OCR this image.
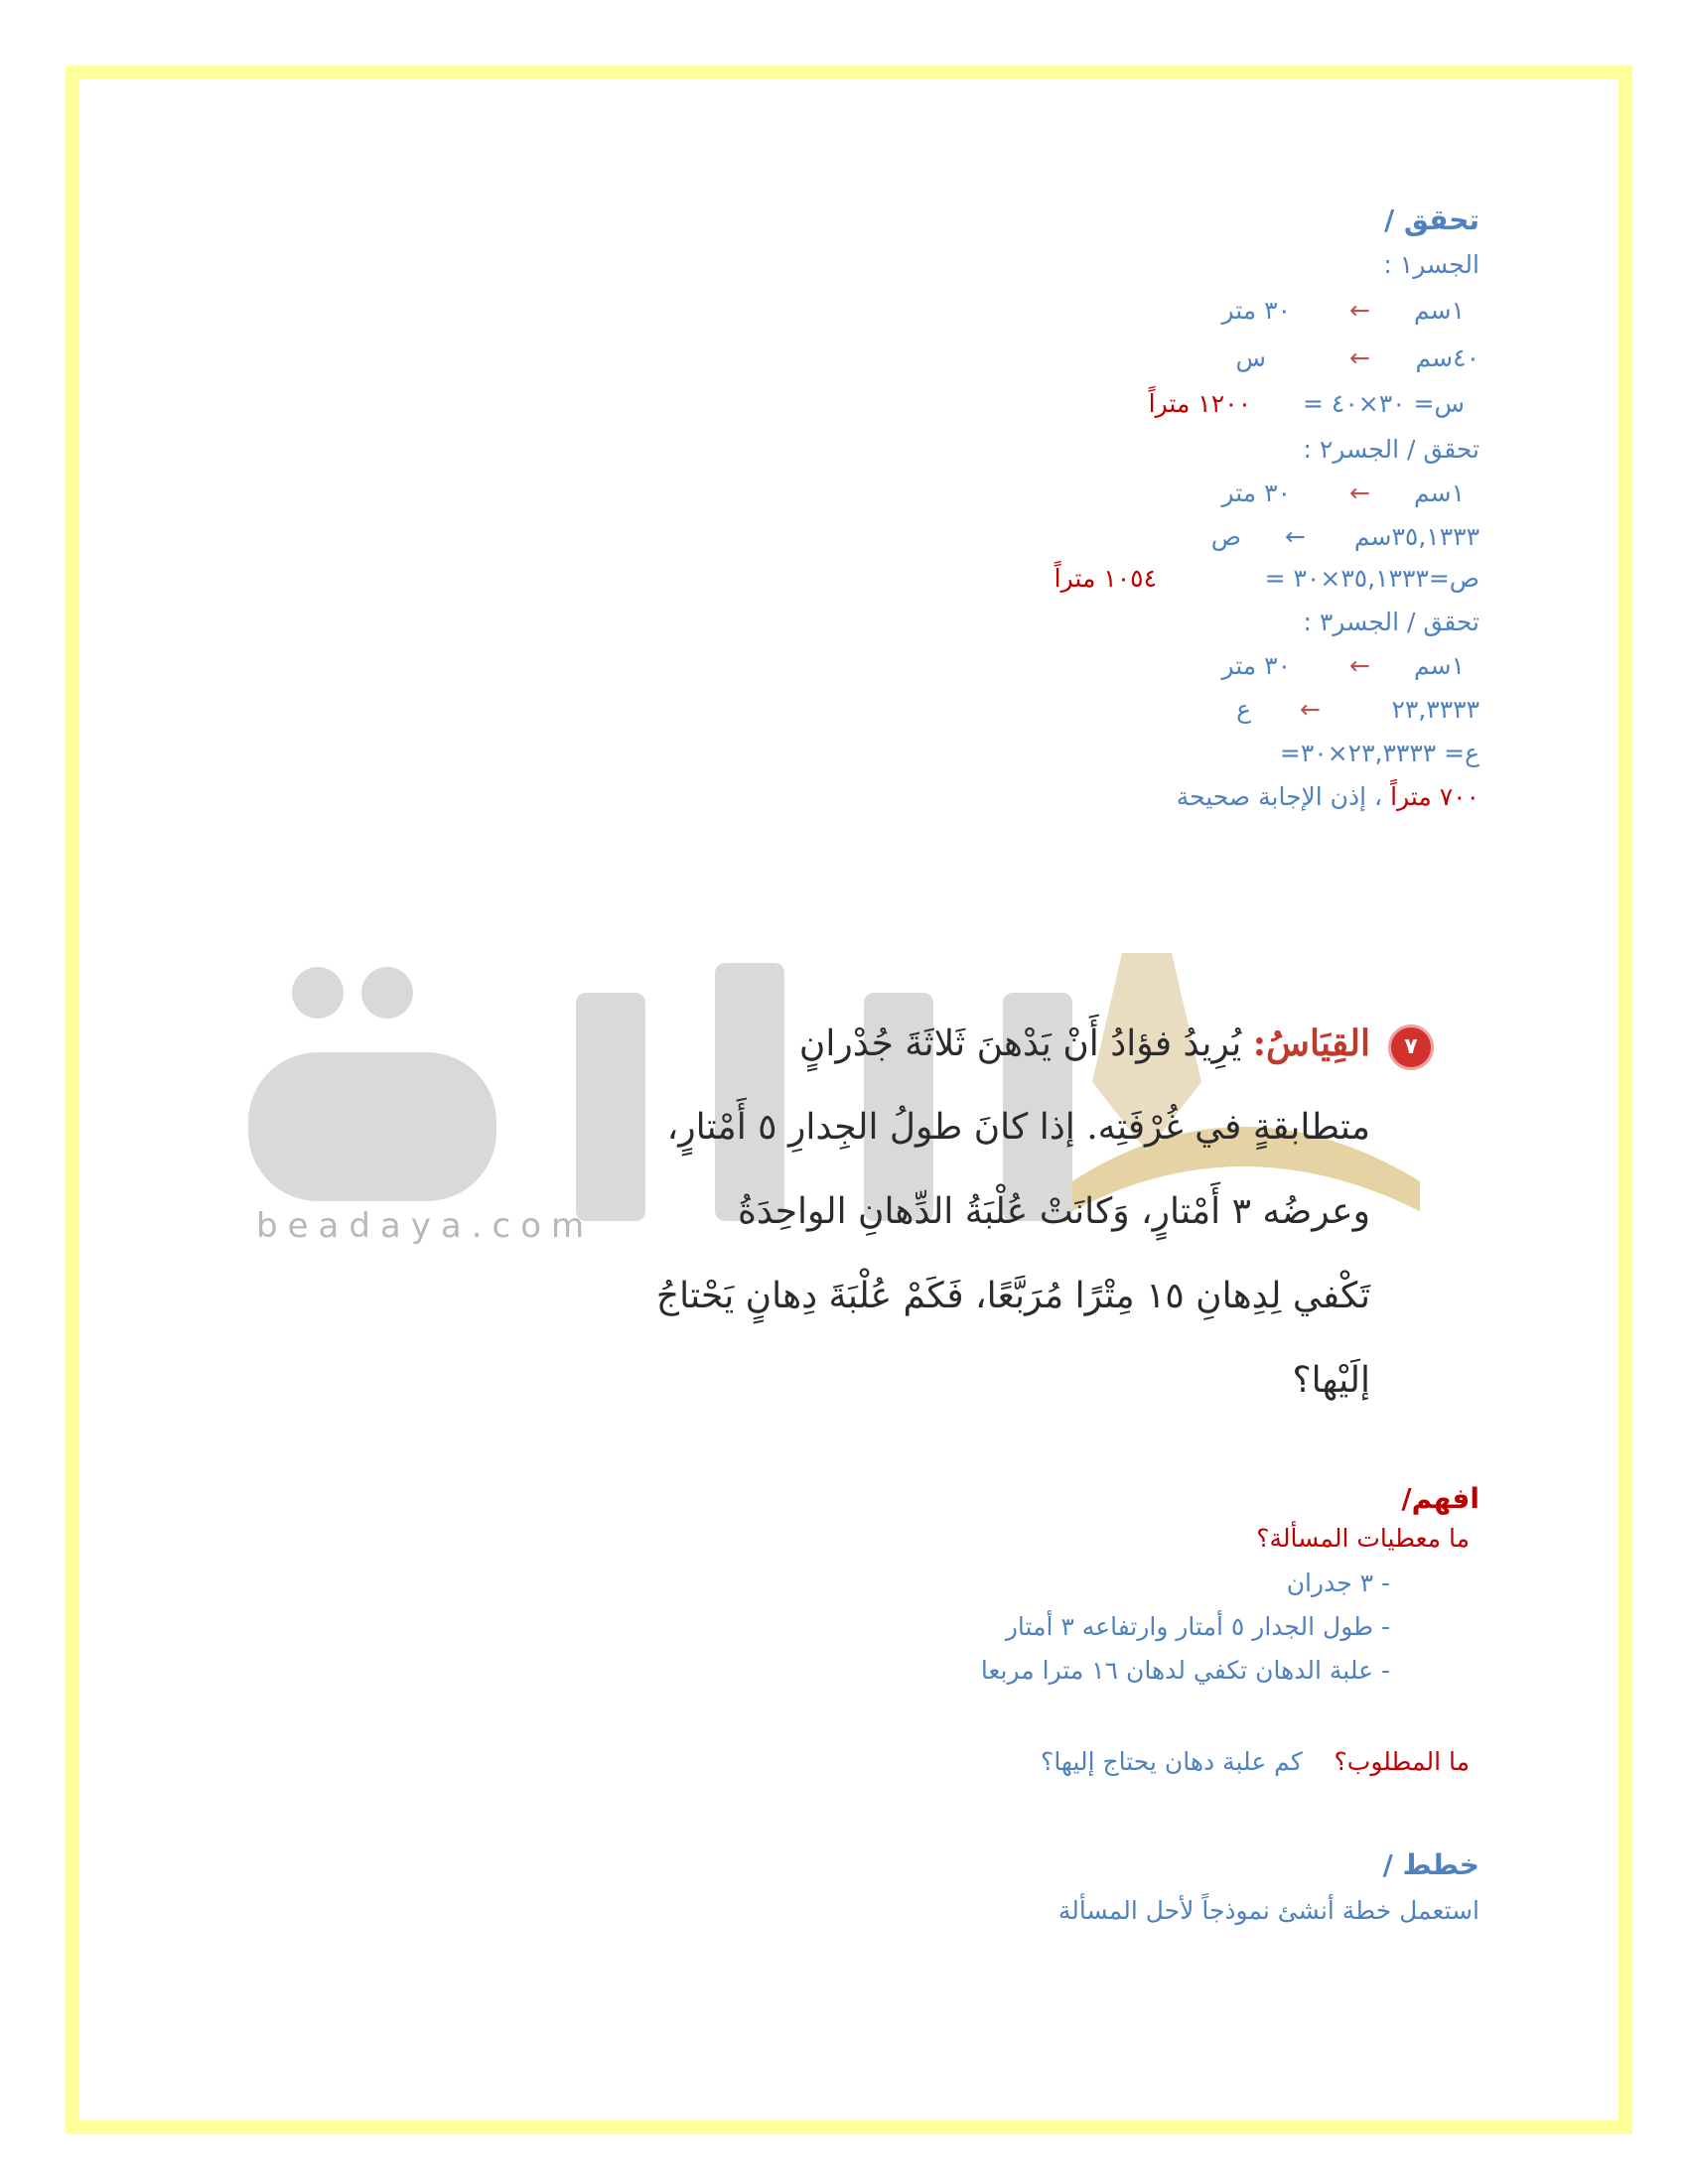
beadaya.com
تحقق /
الجسر١ :
١سم
←
٣٠ متر
٤٠سم
←
س
س= ٣٠×٤٠ =
١٢٠٠ متراً
تحقق / الجسر٢ :
١سم
←
٣٠ متر
٣٥,١٣٣٣سم
←
ص
ص=٣٥,١٣٣٣×٣٠ =
١٠٥٤ متراً
تحقق / الجسر٣ :
١سم
←
٣٠ متر
٢٣,٣٣٣٣
←
ع
ع= ٢٣,٣٣٣٣×٣٠=
٧٠٠ متراً ، إذن الإجابة صحيحة
٧
القِيَاسُ: يُرِيدُ فؤادُ أَنْ يَدْهنَ ثَلاثَةَ جُدْرانٍ
متطابقةٍ في غُرْفَتِه. إذا كانَ طولُ الجِدارِ ٥ أَمْتارٍ،
وعرضُه ٣ أَمْتارٍ، وَكانَتْ عُلْبَةُ الدِّهانِ الواحِدَةُ
تَكْفي لِدِهانِ ١٥ مِتْرًا مُرَبَّعًا، فَكَمْ عُلْبَةَ دِهانٍ يَحْتاجُ
إلَيْها؟
افهم/
ما معطيات المسألة؟
- ٣ جدران
- طول الجدار ٥ أمتار وارتفاعه ٣ أمتار
- علبة الدهان تكفي لدهان ١٦ مترا مربعا
ما المطلوب؟    كم علبة دهان يحتاج إليها؟
خطط /
استعمل خطة أنشئ نموذجاً لأحل المسألة
